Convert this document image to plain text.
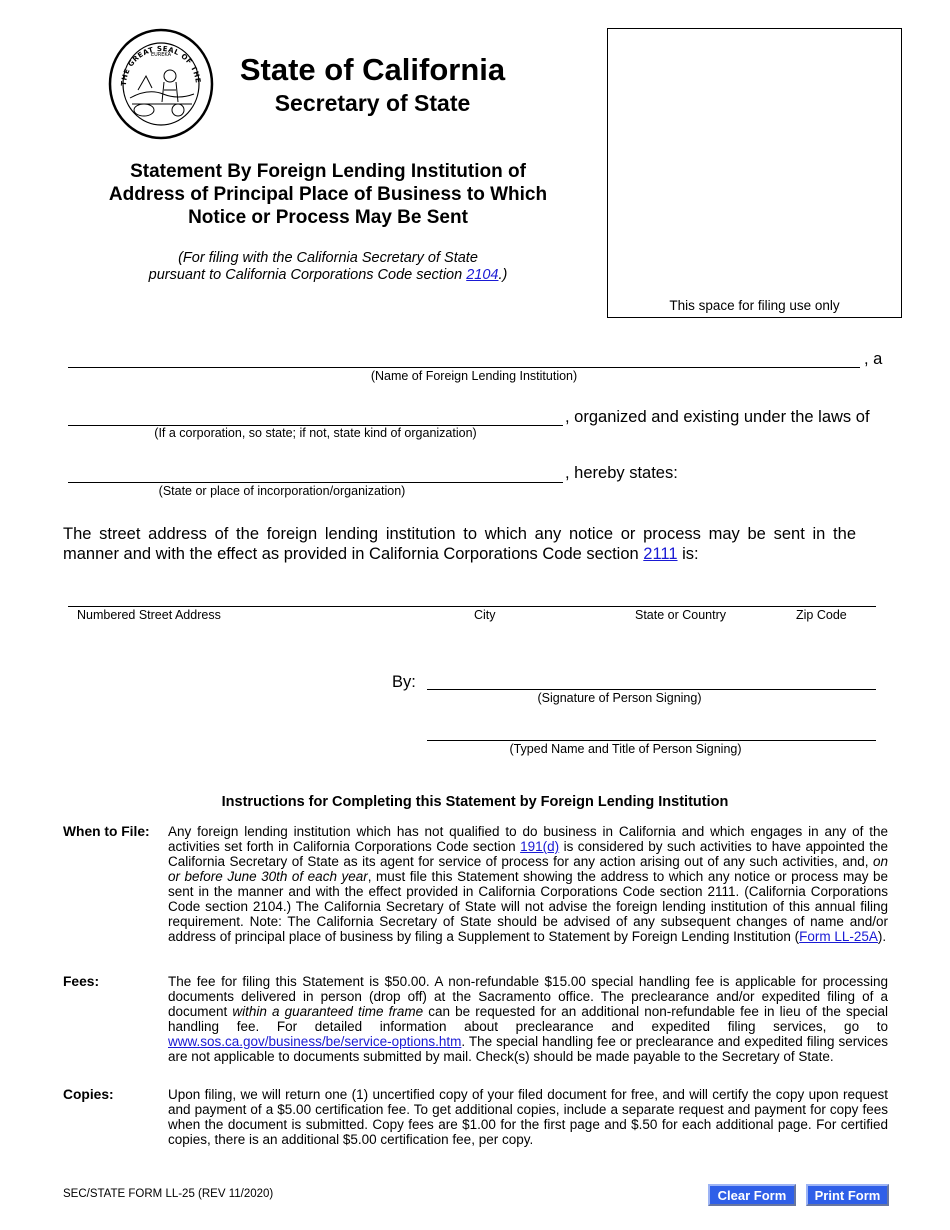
THE GREAT SEAL OF THE
EUREKA	State of California
Secretary of State
Statement By Foreign Lending Institution of
Address of Principal Place of Business to Which
Notice or Process May Be Sent
(For filing with the California Secretary of State
pursuant to California Corporations Code section 2104.)
This space for filing use only
, a
(Name of Foreign Lending Institution)
, organized and existing under the laws of
(If a corporation, so state; if not, state kind of organization)
, hereby states:
(State or place of incorporation/organization)
The street address of the foreign lending institution to which any notice or process may be sent in the manner and with the effect as provided in California Corporations Code section 2111 is:
Numbered Street Address	City	State or Country	Zip Code
By:
(Signature of Person Signing)
(Typed Name and Title of Person Signing)
Instructions for Completing this Statement by Foreign Lending Institution
When to File: Any foreign lending institution which has not qualified to do business in California and which engages in any of the activities set forth in California Corporations Code section 191(d) is considered by such activities to have appointed the California Secretary of State as its agent for service of process for any action arising out of any such activities, and, on or before June 30th of each year, must file this Statement showing the address to which any notice or process may be sent in the manner and with the effect provided in California Corporations Code section 2111. (California Corporations Code section 2104.) The California Secretary of State will not advise the foreign lending institution of this annual filing requirement. Note: The California Secretary of State should be advised of any subsequent changes of name and/or address of principal place of business by filing a Supplement to Statement by Foreign Lending Institution (Form LL-25A).
Fees:	The fee for filing this Statement is $50.00. A non-refundable $15.00 special handling fee is applicable for processing documents delivered in person (drop off) at the Sacramento office. The preclearance and/or expedited filing of a document within a guaranteed time frame can be requested for an additional non-refundable fee in lieu of the special handling fee. For detailed information about preclearance and expedited filing services, go to www.sos.ca.gov/business/be/service-options.htm. The special handling fee or preclearance and expedited filing services are not applicable to documents submitted by mail. Check(s) should be made payable to the Secretary of State.
Copies:	Upon filing, we will return one (1) uncertified copy of your filed document for free, and will certify the copy upon request and payment of a $5.00 certification fee. To get additional copies, include a separate request and payment for copy fees when the document is submitted. Copy fees are $1.00 for the first page and $.50 for each additional page. For certified copies, there is an additional $5.00 certification fee, per copy.
SEC/STATE FORM LL-25 (REV 11/2020)	Clear Form	Print Form
